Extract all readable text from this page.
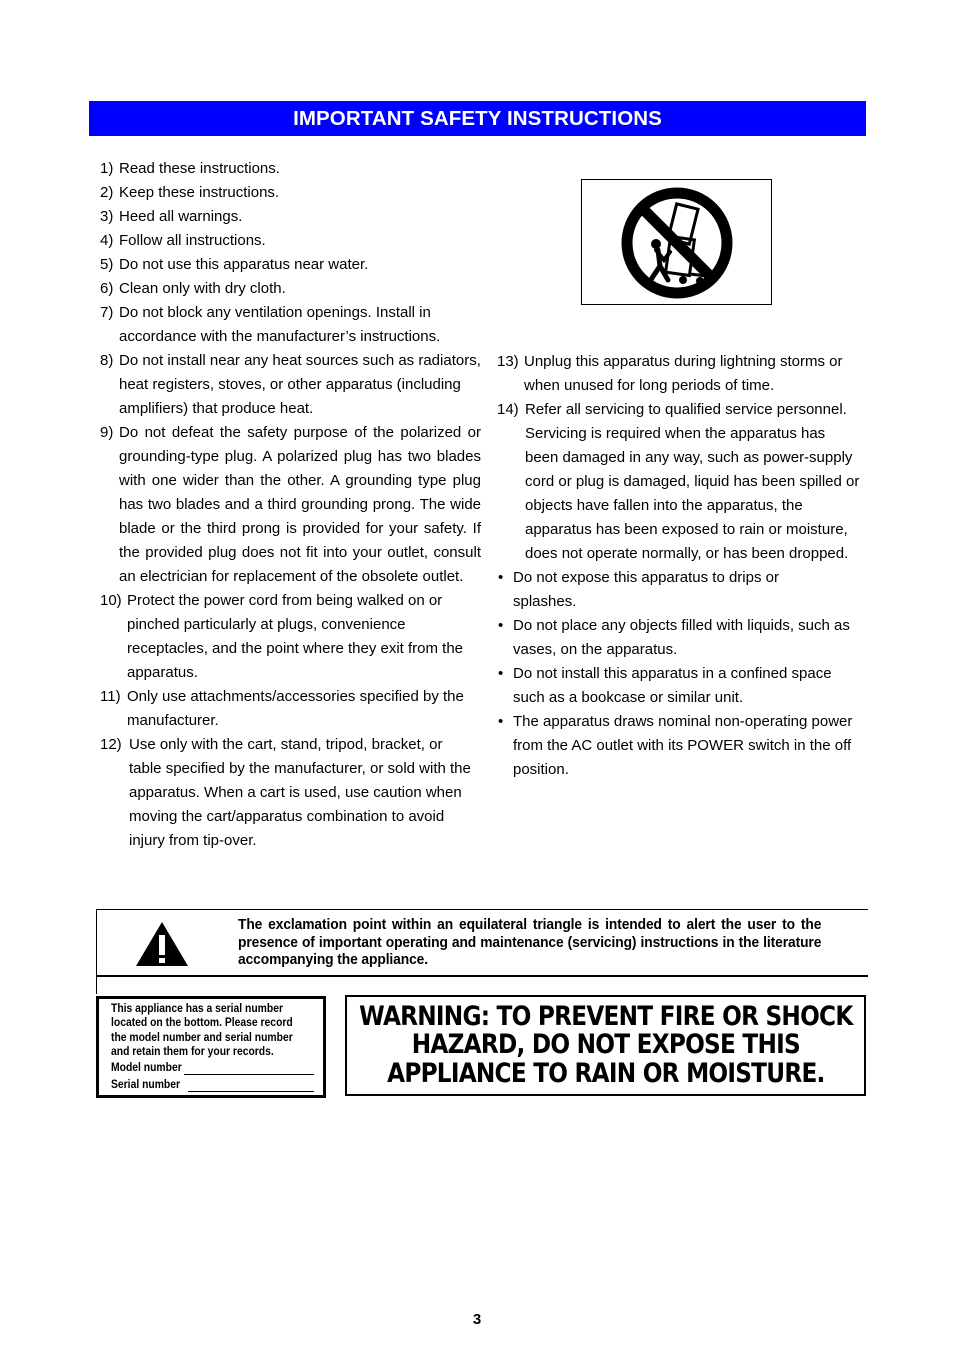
IMPORTANT SAFETY INSTRUCTIONS
1) Read these instructions.
2) Keep these instructions.
3) Heed all warnings.
4) Follow all instructions.
5) Do not use this apparatus near water.
6) Clean only with dry cloth.
7) Do not block any ventilation openings. Install in accordance with the manufacturer’s instructions.
8) Do not install near any heat sources such as radiators, heat registers, stoves, or other apparatus (including amplifiers) that produce heat.
9) Do not defeat the safety purpose of the polarized or grounding-type plug. A polarized plug has two blades with one wider than the other. A grounding type plug has two blades and a third grounding prong. The wide blade or the third prong is provided for your safety. If the provided plug does not fit into your outlet, consult an electrician for replacement of the obsolete outlet.
10) Protect the power cord from being walked on or pinched particularly at plugs, convenience receptacles, and the point where they exit from the apparatus.
11) Only use attachments/accessories specified by the manufacturer.
12) Use only with the cart, stand, tripod, bracket, or table specified by the manufacturer, or sold with the apparatus. When a cart is used, use caution when moving the cart/apparatus combination to avoid injury from tip-over.
13) Unplug this apparatus during lightning storms or when unused for long periods of time.
14) Refer all servicing to qualified service personnel. Servicing is required when the apparatus has been damaged in any way, such as power-supply cord or plug is damaged, liquid has been spilled or objects have fallen into the apparatus, the apparatus has been exposed to rain or moisture, does not operate normally, or has been dropped.
• Do not expose this apparatus to drips or splashes.
• Do not place any objects filled with liquids, such as vases, on the apparatus.
• Do not install this apparatus in a confined space such as a bookcase or similar unit.
• The apparatus draws nominal non-operating power from the AC outlet with its POWER switch in the off position.
The exclamation point within an equilateral triangle is intended to alert the user to the presence of important operating and maintenance (servicing) instructions in the literature accompanying the appliance.
This appliance has a serial number located on the bottom. Please record the model number and serial number and retain them for your records.
Model number
Serial number
WARNING: TO PREVENT FIRE OR SHOCK
HAZARD, DO NOT EXPOSE THIS
APPLIANCE TO RAIN OR MOISTURE.
3
